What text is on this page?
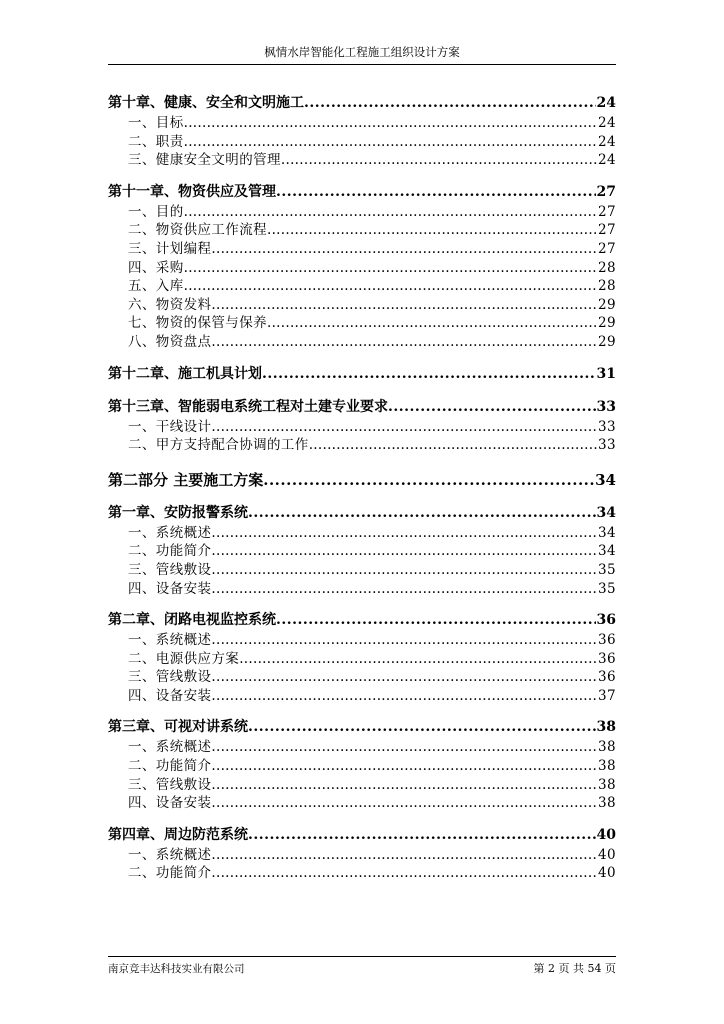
枫情水岸智能化工程施工组织设计方案
第十章、健康、安全和文明施工 .....	24
一、目标 .....	24
二、职责 .....	24
三、健康安全文明的管理 .....	24
第十一章、物资供应及管理 .....	27
一、目的 .....	27
二、物资供应工作流程 .....	27
三、计划编程 .....	27
四、采购 .....	28
五、入库 .....	28
六、物资发料 .....	29
七、物资的保管与保养 .....	29
八、物资盘点 .....	29
第十二章、施工机具计划 .....	31
第十三章、智能弱电系统工程对土建专业要求 .....	33
一、干线设计 .....	33
二、甲方支持配合协调的工作 .....	33
第二部分 主要施工方案 .....	34
第一章、安防报警系统 .....	34
一、系统概述 .....	34
二、功能简介 .....	34
三、管线敷设 .....	35
四、设备安装 .....	35
第二章、闭路电视监控系统 .....	36
一、系统概述 .....	36
二、电源供应方案 .....	36
三、管线敷设 .....	36
四、设备安装 .....	37
第三章、可视对讲系统 .....	38
一、系统概述 .....	38
二、功能简介 .....	38
三、管线敷设 .....	38
四、设备安装 .....	38
第四章、周边防范系统 .....	40
一、系统概述 .....	40
二、功能简介 .....	40
南京竞丰达科技实业有限公司	第 2 页 共 54 页
